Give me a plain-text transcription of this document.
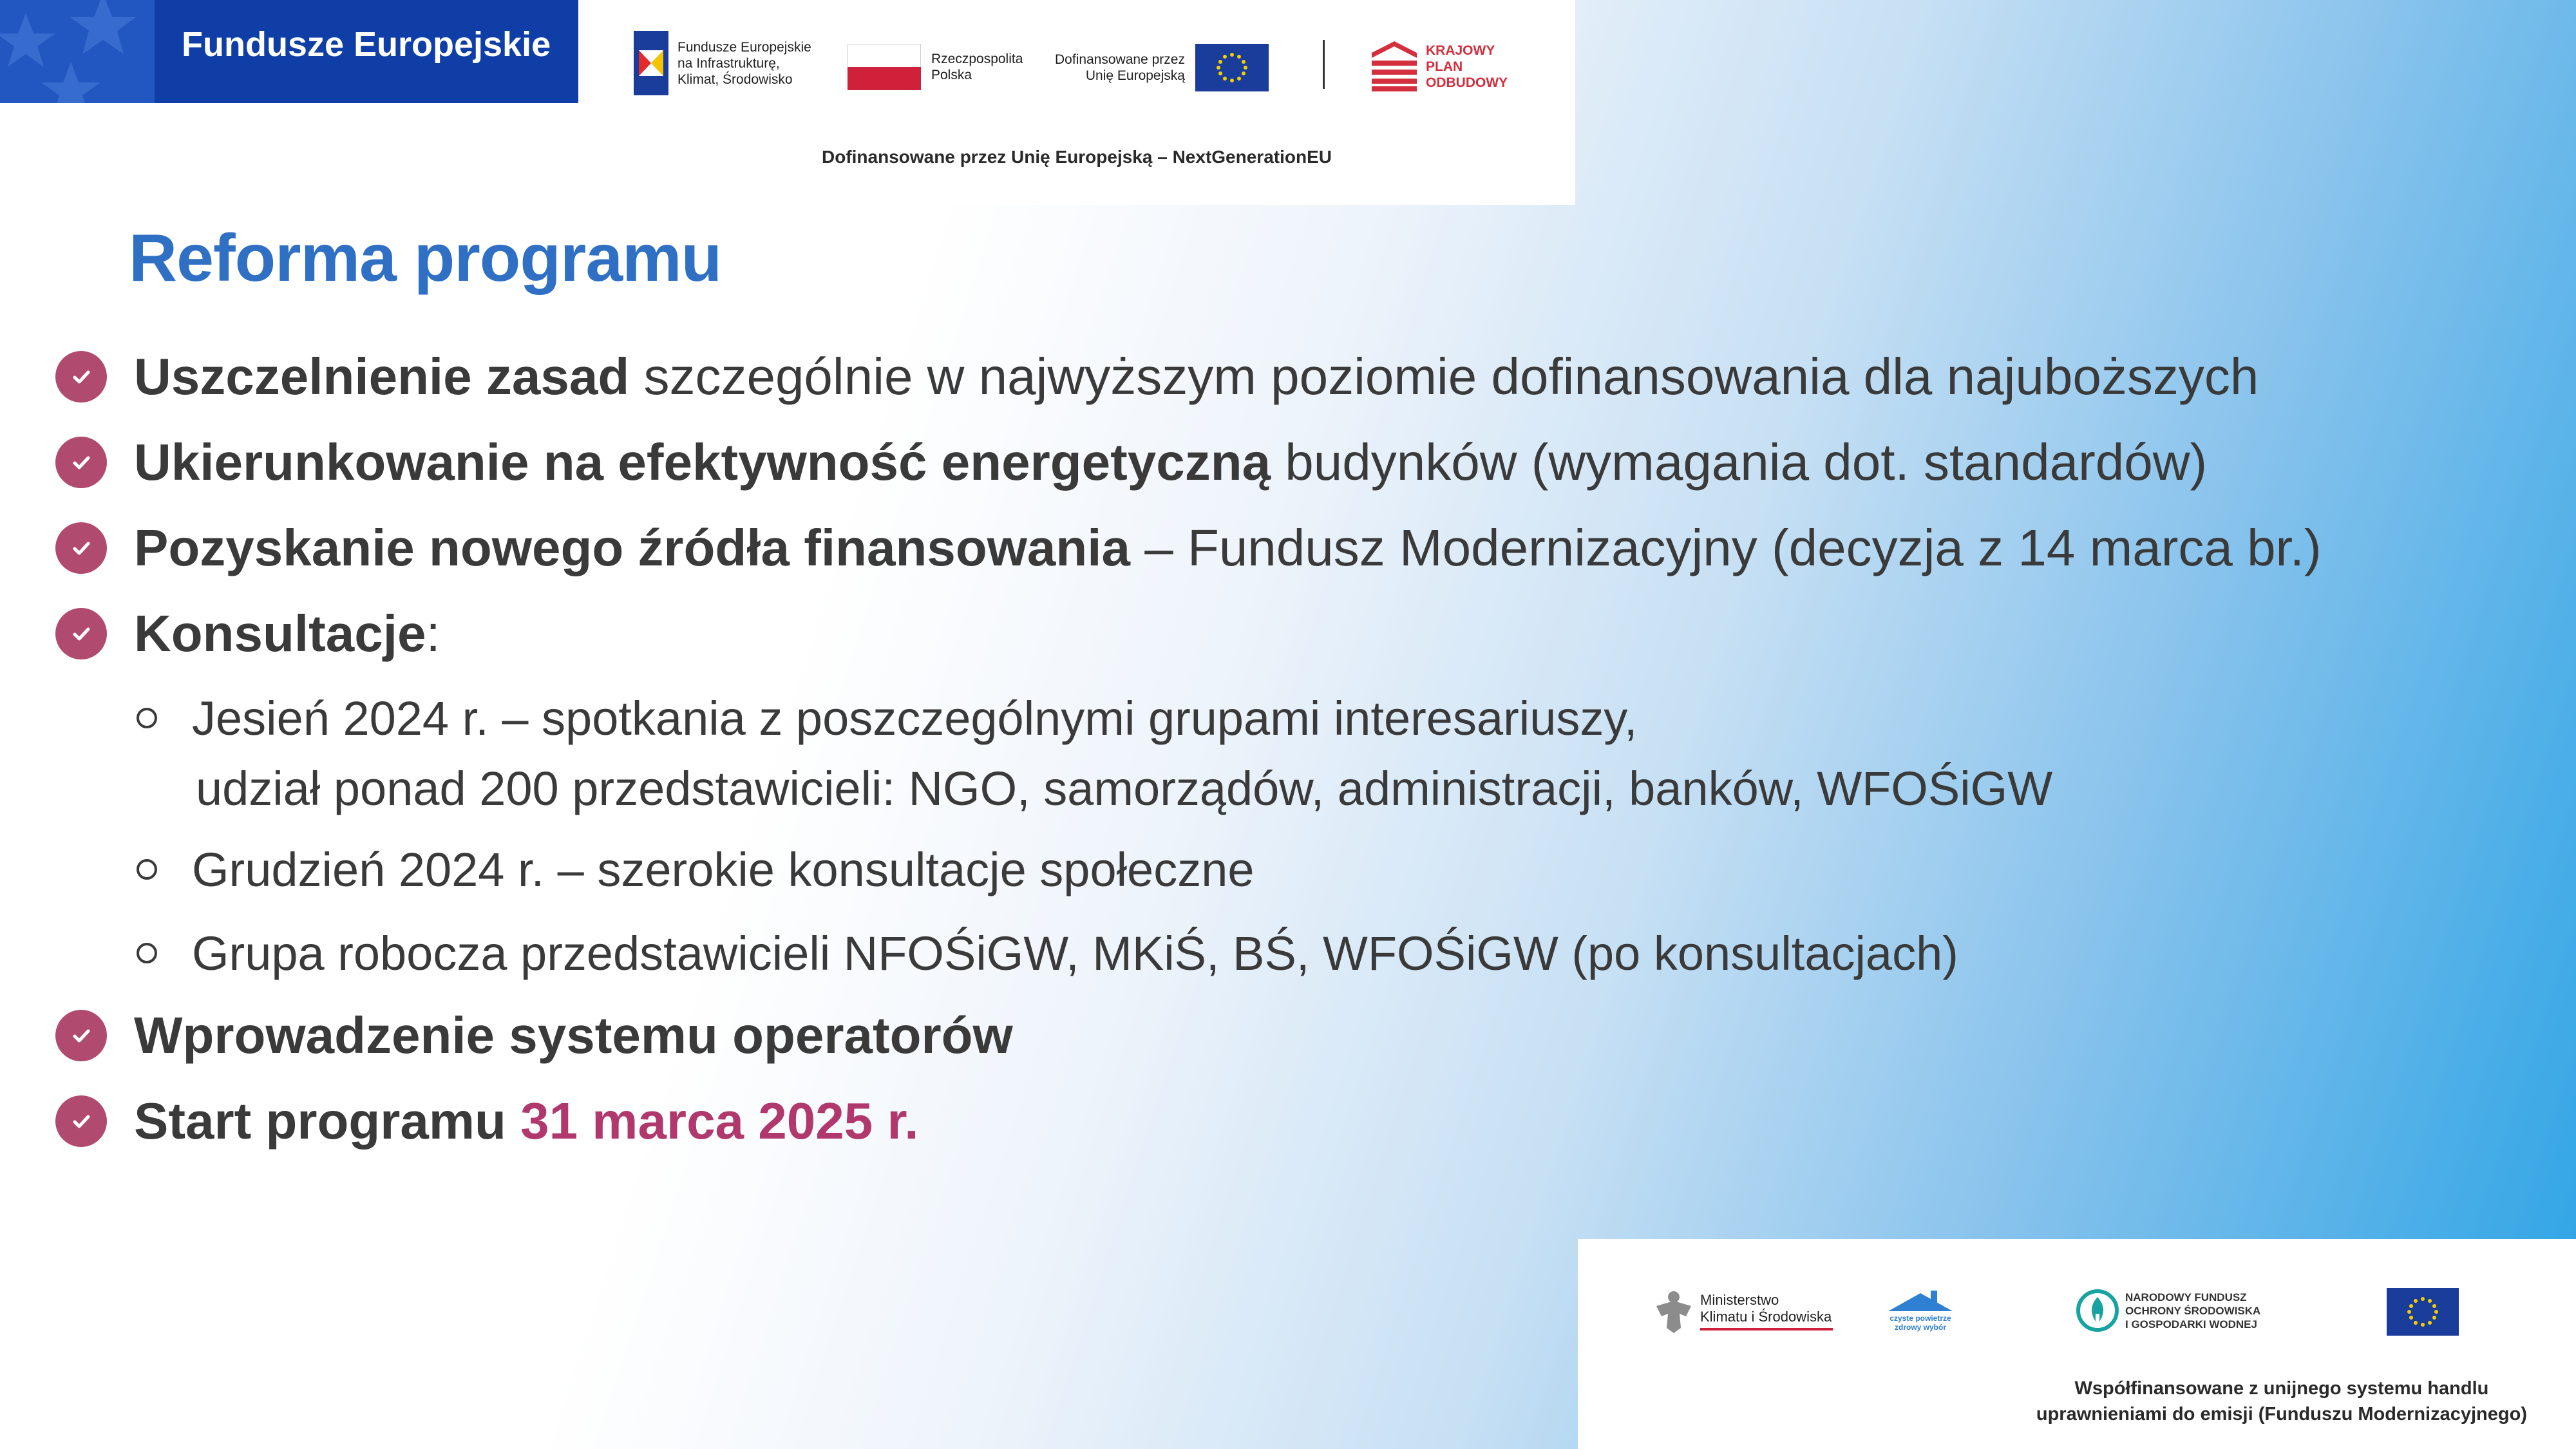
Fundusze Europejskie	Fundusze Europejskie
na Infrastrukturę,
Klimat, Środowisko
Rzeczpospolita
Polska
Dofinansowane przez
Unię Europejską
KRAJOWY
PLAN
ODBUDOWY
Dofinansowane przez Unię Europejską – NextGenerationEU
Reforma programu
Uszczelnienie zasad szczególnie w najwyższym poziomie dofinansowania dla najuboższych
Ukierunkowanie na efektywność energetyczną budynków (wymagania dot. standardów)
Pozyskanie nowego źródła finansowania – Fundusz Modernizacyjny (decyzja z 14 marca br.)
Konsultacje:
Jesień 2024 r. – spotkania z poszczególnymi grupami interesariuszy,
udział ponad 200 przedstawicieli: NGO, samorządów, administracji, banków, WFOŚiGW
Grudzień 2024 r. – szerokie konsultacje społeczne
Grupa robocza przedstawicieli NFOŚiGW, MKiŚ, BŚ, WFOŚiGW (po konsultacjach)
Wprowadzenie systemu operatorów
Start programu 31 marca 2025 r.
Ministerstwo
Klimatu i Środowiska	czyste powietrze
zdrowy wybór
NARODOWY FUNDUSZ
OCHRONY ŚRODOWISKA
I GOSPODARKI WODNEJ
Współfinansowane z unijnego systemu handlu
uprawnieniami do emisji (Funduszu Modernizacyjnego)
